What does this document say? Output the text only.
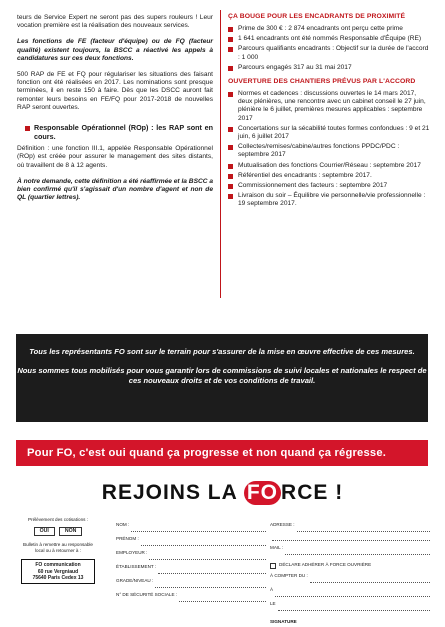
teurs de Service Expert ne seront pas des supers rouleurs ! Leur vocation première est la réalisation des nouveaux services.

Les fonctions de FE (facteur d'équipe) ou de FQ (facteur qualité) existent toujours, la BSCC a réactivé les appels à candidatures sur ces deux fonctions.

500 RAP de FE et FQ pour régulariser les situations des faisant fonction ont été réalisées en 2017. Les nominations sont presque terminées, il en reste 150 à faire. Dès que les DSCC auront fait remonter leurs besoins en FE/FQ pour 2017-2018 de nouvelles RAP seront ouvertes.

Responsable Opérationnel (ROp) : les RAP sont en cours.

Définition : une fonction III.1, appelée Responsable Opérationnel (ROp) est créée pour assurer le management des sites distants, où travaillent de 8 à 12 agents.

À notre demande, cette définition a été réaffirmée et la BSCC a bien confirmé qu'il s'agissait d'un nombre d'agent et non de QL (quartier lettres).

ÇA BOUGE POUR LES ENCADRANTS DE PROXIMITÉ
Prime de 300 € : 2 874 encadrants ont perçu cette prime
1 641 encadrants ont été nommés Responsable d'Équipe (RE)
Parcours qualifiants encadrants : Objectif sur la durée de l'accord : 1 000
Parcours engagés 317 au 31 mai 2017
OUVERTURE DES CHANTIERS PRÉVUS PAR L'ACCORD
Normes et cadences : discussions ouvertes le 14 mars 2017, deux plénières, une rencontre avec un cabinet conseil le 27 juin, plénière le 6 juillet, premières mesures applicables : septembre 2017
Concertations sur la sécabilité toutes formes confondues : 9 et 21 juin, 6 juillet 2017
Collectes/remises/cabine/autres fonctions PPDC/PDC : septembre 2017
Mutualisation des fonctions Courrier/Réseau : septembre 2017
Référentiel des encadrants : septembre 2017.
Commissionnement des facteurs : septembre 2017
Livraison du soir – Équilibre vie personnelle/vie professionnelle : 19 septembre 2017.

Tous les représentants FO sont sur le terrain pour s'assurer de la mise en œuvre effective de ces mesures.

Nous sommes tous mobilisés pour vous garantir lors de commissions de suivi locales et nationales le respect de ces nouveaux droits et de vos conditions de travail.

Pour FO, c'est oui quand ça progresse et non quand ça régresse.
REJOINS LA FO RCE !
Prélèvement des cotisations :
OUI	NON
Bulletin à remettre au responsable local ou à retourner à :
FO communication
60 rue Vergniaud
75640 Paris Cedex 13
NOM :
PRÉNOM :
EMPLOYEUR :
ÉTABLISSEMENT :
GRADE/NIVEAU :
N° DE SÉCURITÉ SOCIALE :
ADRESSE :
MAIL :
DÉCLARE ADHÉRER À FORCE OUVRIÈRE
À COMPTER DU :
À
LE
SIGNATURE
